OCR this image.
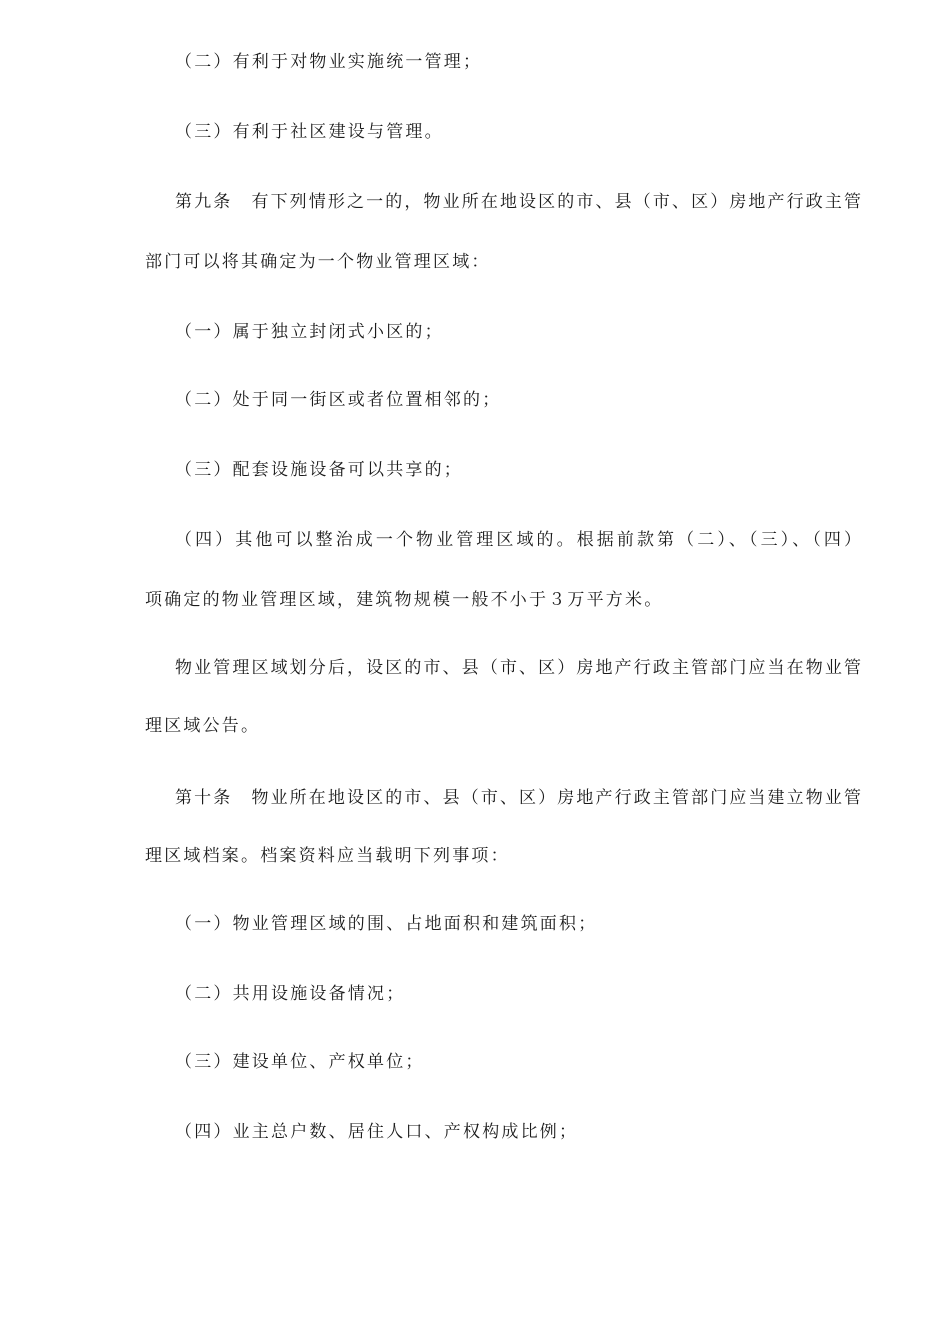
（二）有利于对物业实施统一管理；
（三）有利于社区建设与管理。
第九条　有下列情形之一的，物业所在地设区的市、县（市、区）房地产行政主管
部门可以将其确定为一个物业管理区域：
（一）属于独立封闭式小区的；
（二）处于同一街区或者位置相邻的；
（三）配套设施设备可以共享的；
（四）其他可以整治成一个物业管理区域的。根据前款第（二）、（三）、（四）
项确定的物业管理区域，建筑物规模一般不小于３万平方米。
物业管理区域划分后，设区的市、县（市、区）房地产行政主管部门应当在物业管
理区域公告。
第十条　物业所在地设区的市、县（市、区）房地产行政主管部门应当建立物业管
理区域档案。档案资料应当载明下列事项：
（一）物业管理区域的围、占地面积和建筑面积；
（二）共用设施设备情况；
（三）建设单位、产权单位；
（四）业主总户数、居住人口、产权构成比例；
